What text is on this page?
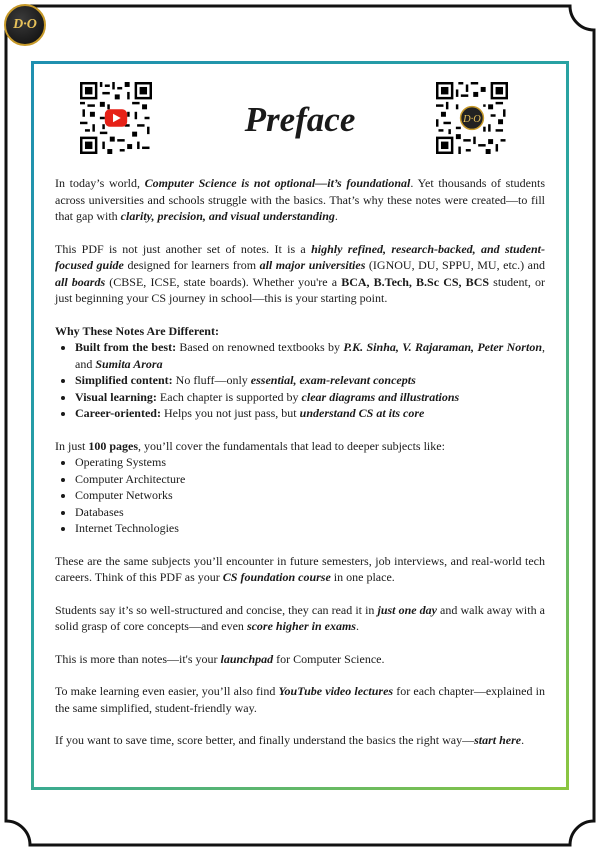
D·O
Preface	D·O

In today’s world, Computer Science is not optional—it’s foundational. Yet thousands of students across universities and schools struggle with the basics. That’s why these notes were created—to fill that gap with clarity, precision, and visual understanding.

This PDF is not just another set of notes. It is a highly refined, research-backed, and student-focused guide designed for learners from all major universities (IGNOU, DU, SPPU, MU, etc.) and all boards (CBSE, ICSE, state boards). Whether you're a BCA, B.Tech, B.Sc CS, BCS student, or just beginning your CS journey in school—this is your starting point.

Why These Notes Are Different:

• Built from the best: Based on renowned textbooks by P.K. Sinha, V. Rajaraman, Peter Norton, and Sumita Arora
• Simplified content: No fluff—only essential, exam-relevant concepts
• Visual learning: Each chapter is supported by clear diagrams and illustrations
• Career-oriented: Helps you not just pass, but understand CS at its core

In just 100 pages, you’ll cover the fundamentals that lead to deeper subjects like:

• Operating Systems
• Computer Architecture
• Computer Networks
• Databases
• Internet Technologies

These are the same subjects you’ll encounter in future semesters, job interviews, and real-world tech careers. Think of this PDF as your CS foundation course in one place.

Students say it’s so well-structured and concise, they can read it in just one day and walk away with a solid grasp of core concepts—and even score higher in exams.

This is more than notes—it's your launchpad for Computer Science.

To make learning even easier, you’ll also find YouTube video lectures for each chapter—explained in the same simplified, student-friendly way.

If you want to save time, score better, and finally understand the basics the right way—start here.
